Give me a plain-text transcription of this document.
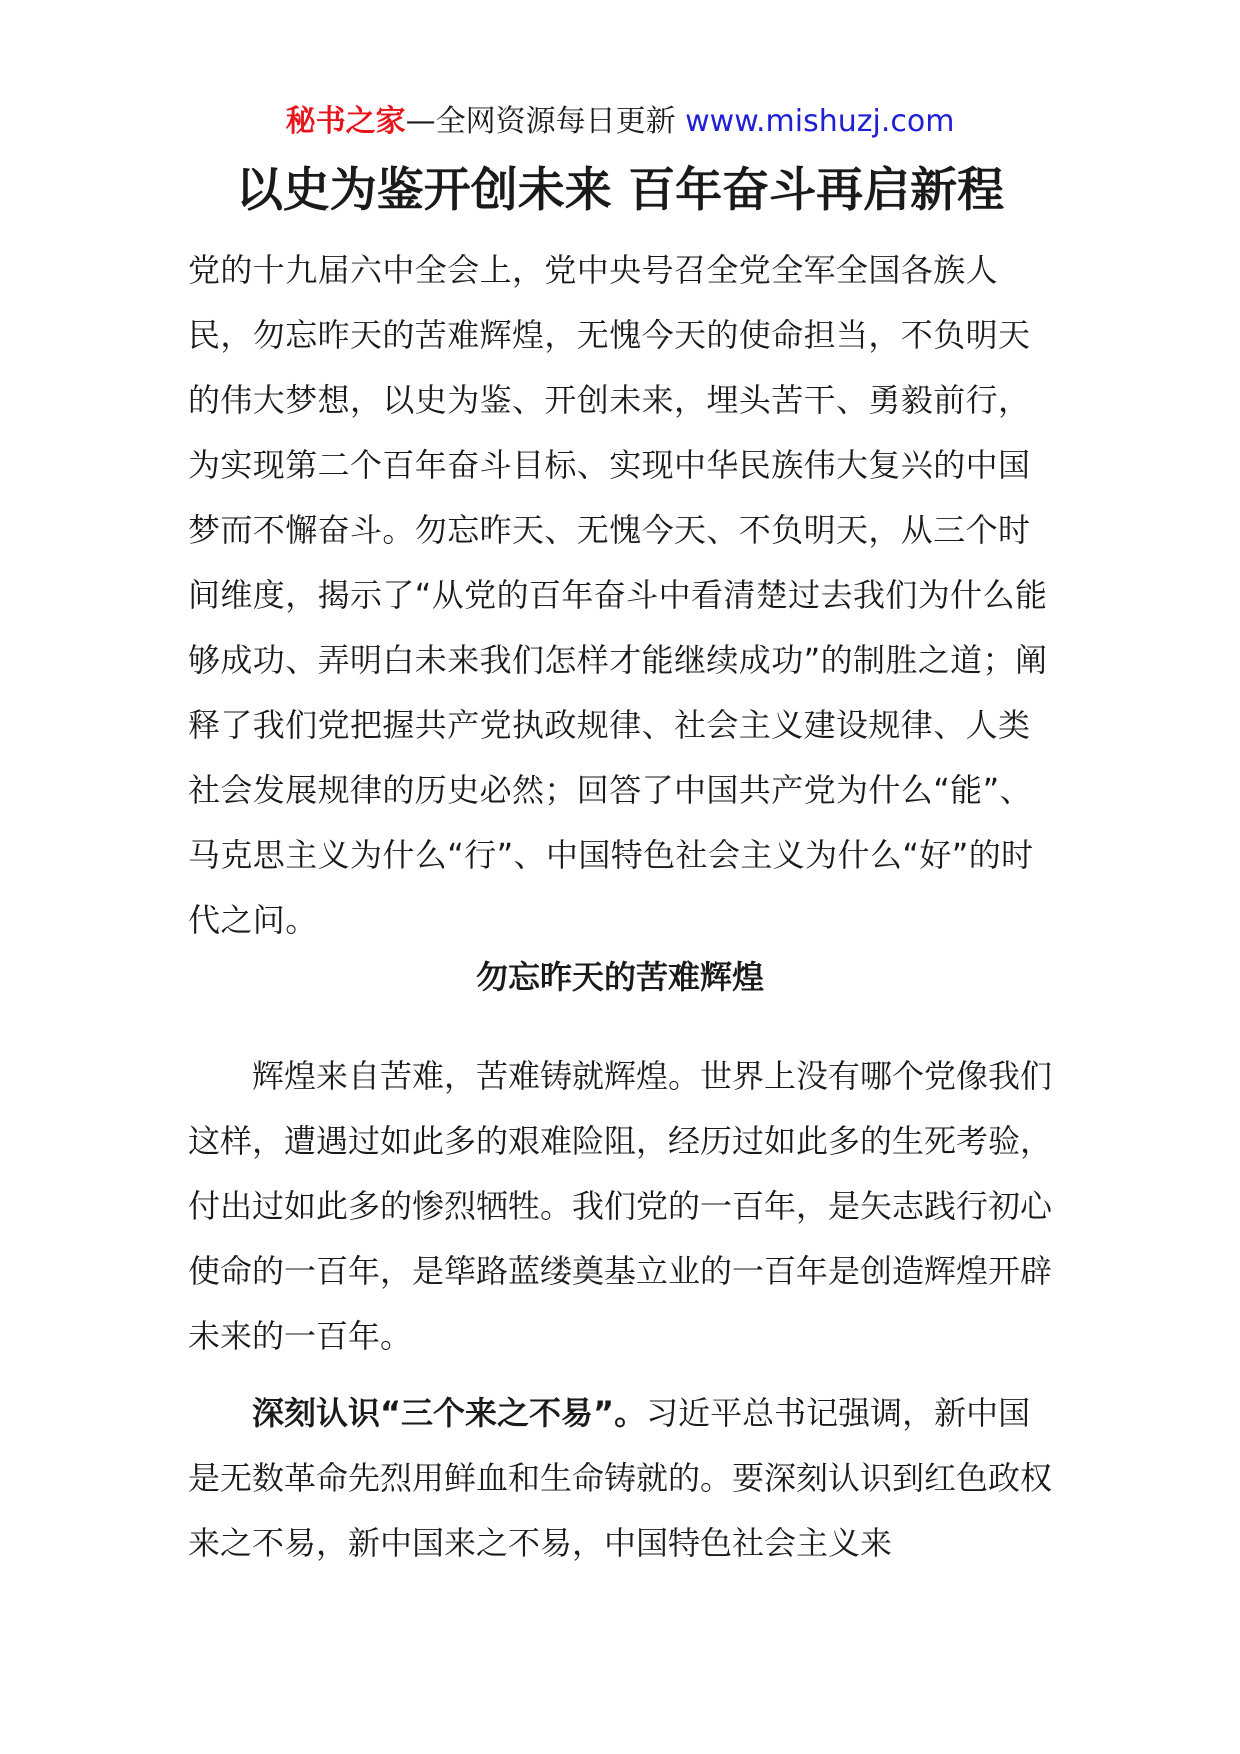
秘书之家—全网资源每日更新 www.mishuzj.com
以史为鉴开创未来 百年奋斗再启新程

党的十九届六中全会上，党中央号召全党全军全国各族人民，勿忘昨天的苦难辉煌，无愧今天的使命担当，不负明天的伟大梦想，以史为鉴、开创未来，埋头苦干、勇毅前行，为实现第二个百年奋斗目标、实现中华民族伟大复兴的中国梦而不懈奋斗。勿忘昨天、无愧今天、不负明天，从三个时间维度，揭示了“从党的百年奋斗中看清楚过去我们为什么能够成功、弄明白未来我们怎样才能继续成功”的制胜之道；阐释了我们党把握共产党执政规律、社会主义建设规律、人类社会发展规律的历史必然；回答了中国共产党为什么“能”、马克思主义为什么“行”、中国特色社会主义为什么“好”的时代之问。

勿忘昨天的苦难辉煌

辉煌来自苦难，苦难铸就辉煌。世界上没有哪个党像我们这样，遭遇过如此多的艰难险阻，经历过如此多的生死考验，付出过如此多的惨烈牺牲。我们党的一百年，是矢志践行初心使命的一百年，是筚路蓝缕奠基立业的一百年是创造辉煌开辟未来的一百年。

深刻认识“三个来之不易”。习近平总书记强调，新中国是无数革命先烈用鲜血和生命铸就的。要深刻认识到红色政权来之不易，新中国来之不易，中国特色社会主义来
